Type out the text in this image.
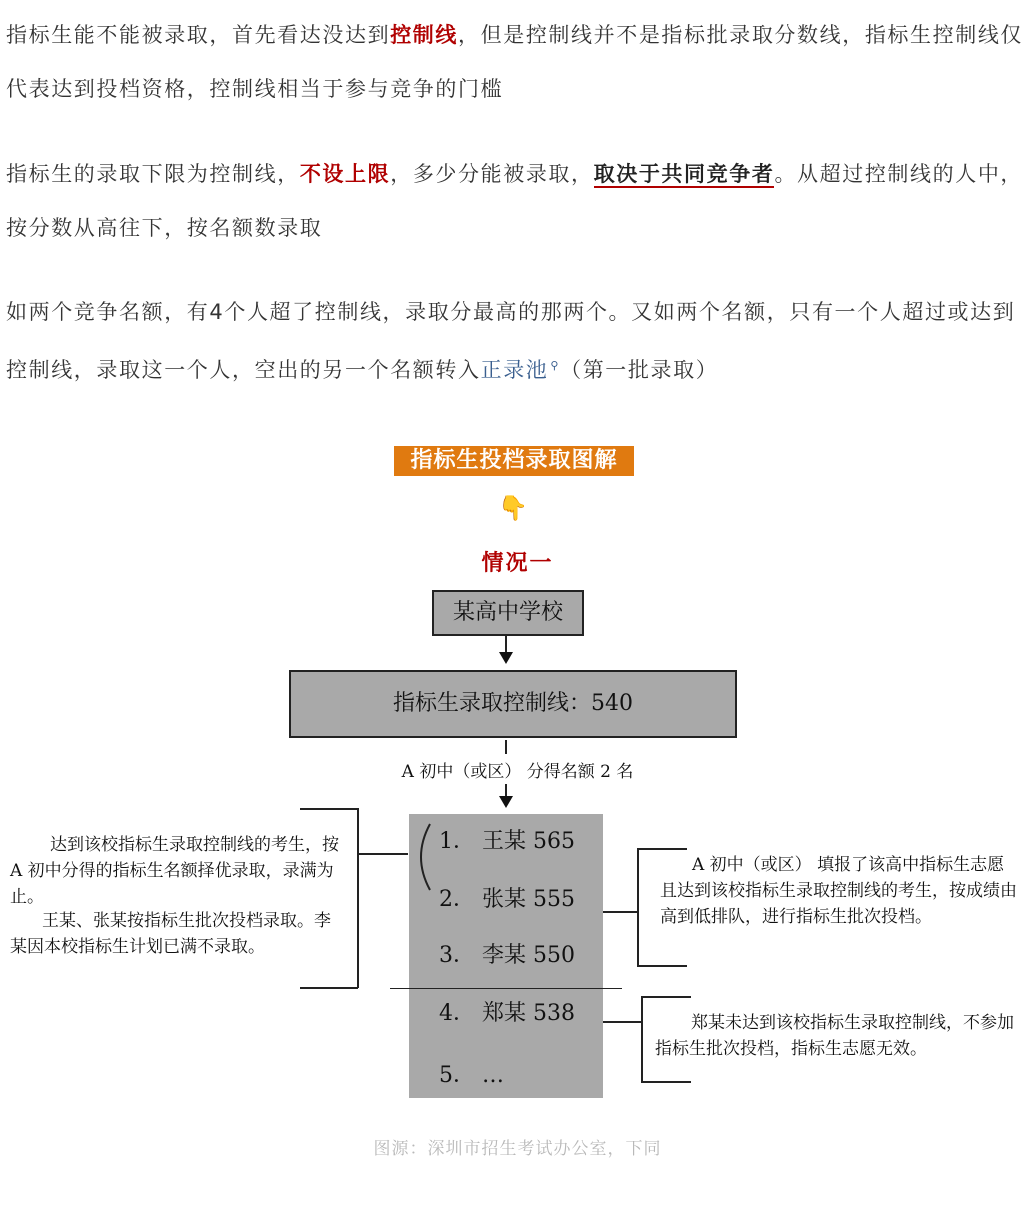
指标生能不能被录取，首先看达没达到控制线，但是控制线并不是指标批录取分数线，指标生控制线仅代表达到投档资格，控制线相当于参与竞争的门槛

指标生的录取下限为控制线，不设上限，多少分能被录取，取决于共同竞争者。从超过控制线的人中，按分数从高往下，按名额数录取

如两个竞争名额，有4个人超了控制线，录取分最高的那两个。又如两个名额，只有一个人超过或达到控制线，录取这一个人，空出的另一个名额转入正录池 ⚲（第一批录取）

指标生投档录取图解
👇
情况一
某高中学校
指标生录取控制线：540
A 初中（或区） 分得名额 2 名
1． 王某 565
2． 张某 555
3． 李某 550
4． 郑某 538
5． …
达到该校指标生录取控制线的考生，按 A 初中分得的指标生名额择优录取，录满为止。
王某、张某按指标生批次投档录取。李某因本校指标生计划已满不录取。
A 初中（或区） 填报了该高中指标生志愿且达到该校指标生录取控制线的考生，按成绩由高到低排队，进行指标生批次投档。
郑某未达到该校指标生录取控制线，不参加指标生批次投档，指标生志愿无效。
图源：深圳市招生考试办公室，下同
